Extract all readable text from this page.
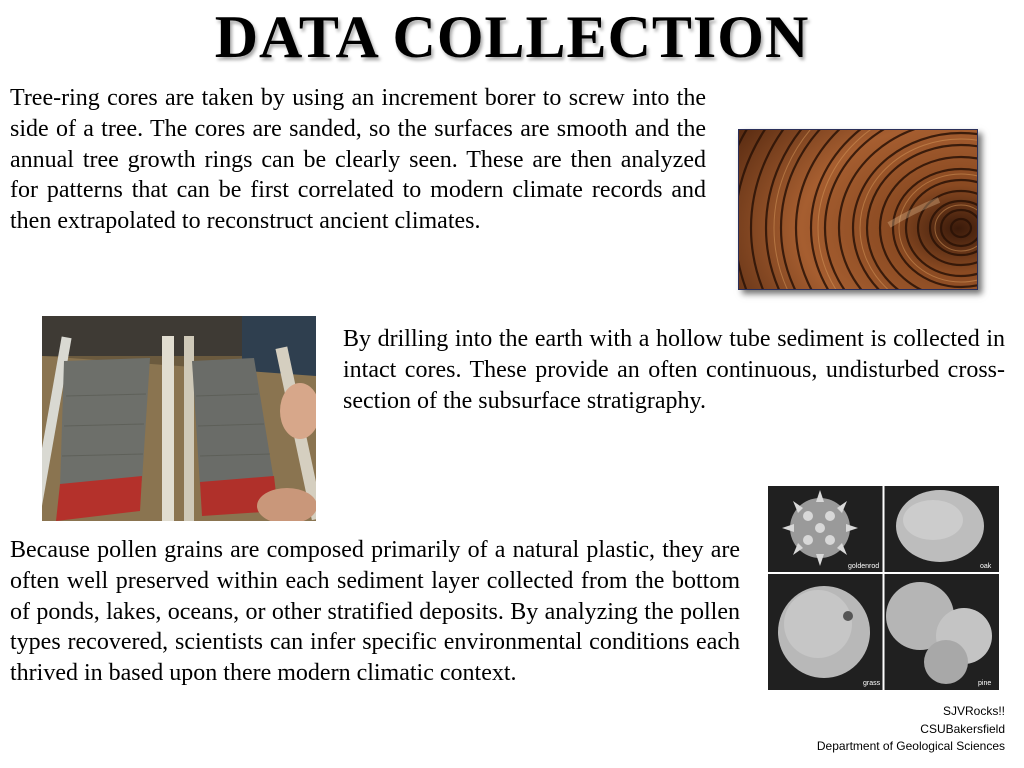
DATA COLLECTION

Tree-ring cores are taken by using an increment borer to screw into the side of a tree. The cores are sanded, so the surfaces are smooth and the annual tree growth rings can be clearly seen. These are then analyzed for patterns that can be first correlated to modern climate records and then extrapolated to reconstruct ancient climates.

By drilling into the earth with a hollow tube sediment is collected in intact cores. These provide an often continuous, undisturbed cross-section of the subsurface stratigraphy.

Because pollen grains are composed primarily of a natural plastic, they are often well preserved within each sediment layer collected from the bottom of ponds, lakes, oceans, or other stratified deposits. By analyzing the pollen types recovered, scientists can infer specific environmental conditions each thrived in based upon there modern climatic context.

goldenrod	oak
grass	pine
SJVRocks!!
CSUBakersfield
Department of Geological Sciences
